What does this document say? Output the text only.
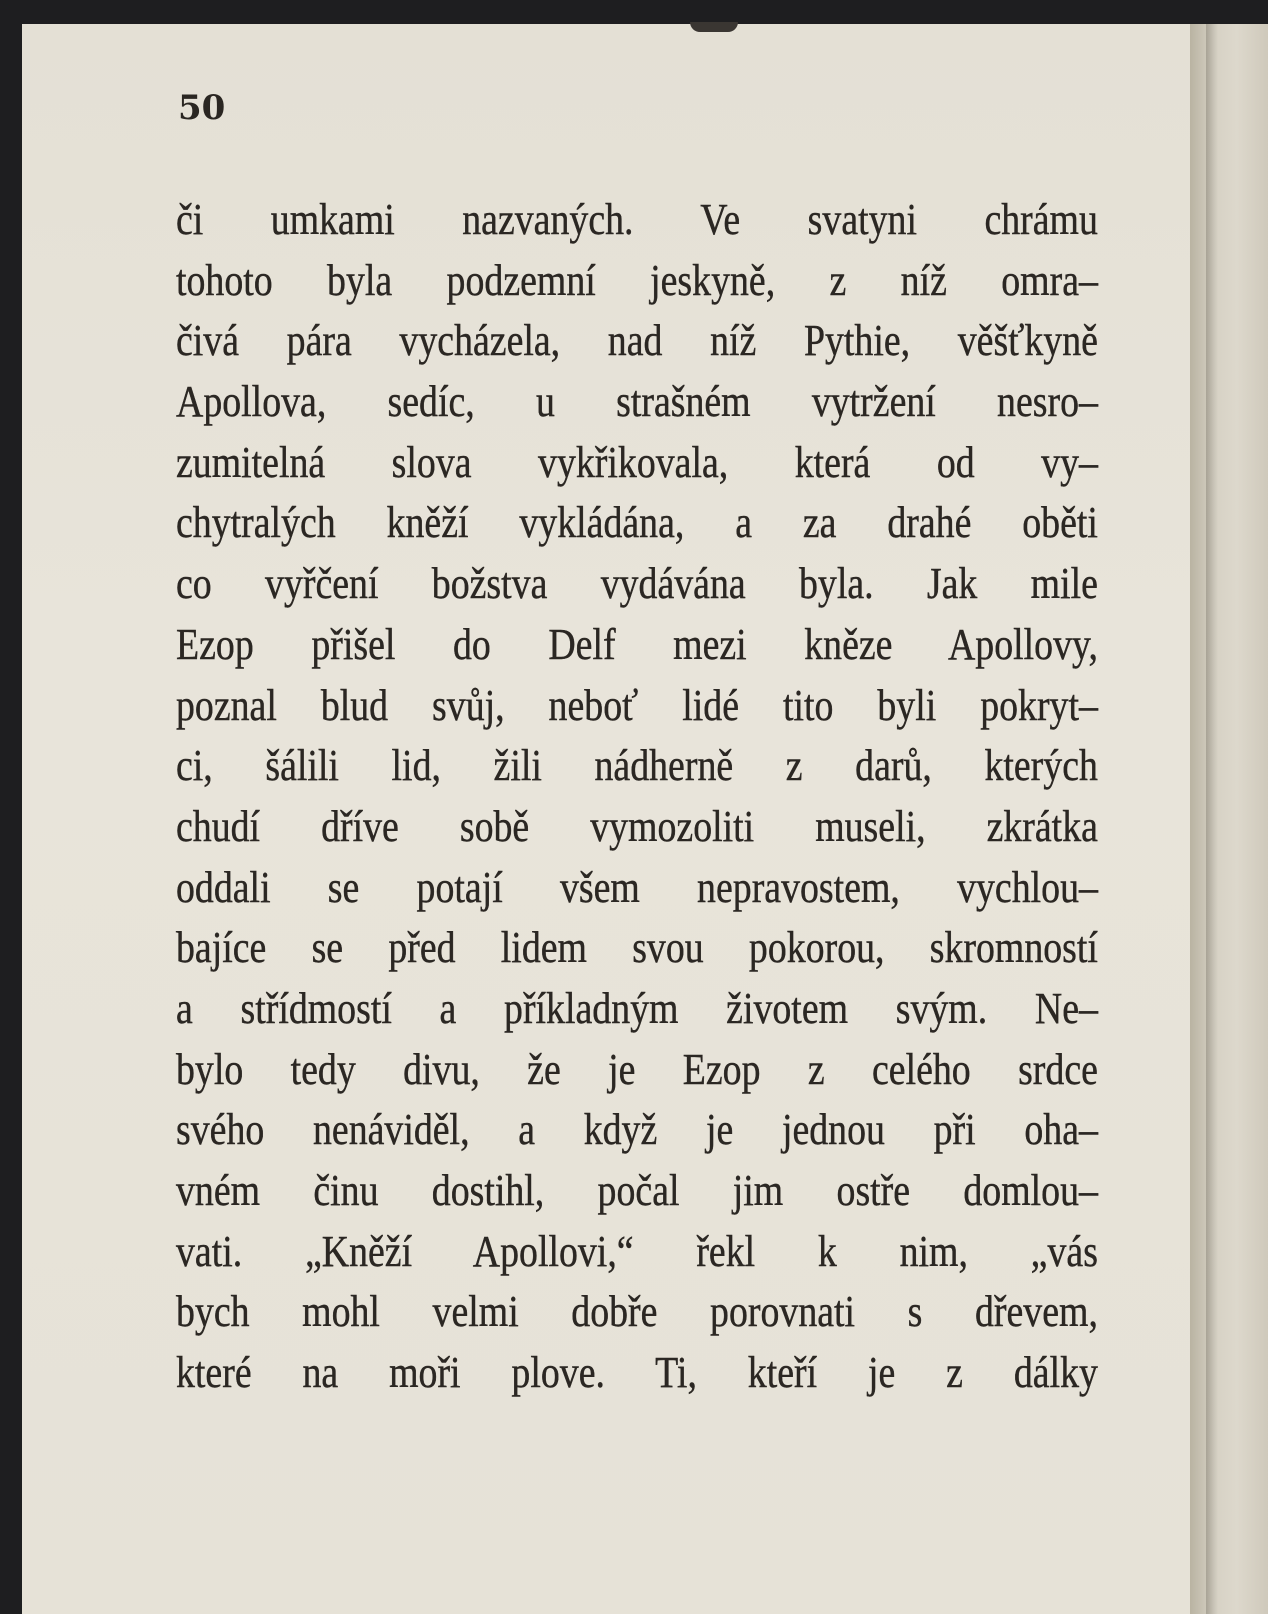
50
či umkami nazvaných. Ve svatyni chrámu
tohoto byla podzemní jeskyně, z níž omra–
čivá pára vycházela, nad níž Pythie, věšťkyně
Apollova, sedíc, u strašném vytržení nesro–
zumitelná slova vykřikovala, která od vy–
chytralých kněží vykládána, a za drahé oběti
co vyřčení božstva vydávána byla. Jak mile
Ezop přišel do Delf mezi kněze Apollovy,
poznal blud svůj, neboť lidé tito byli pokryt–
ci, šálili lid, žili nádherně z darů, kterých
chudí dříve sobě vymozoliti museli, zkrátka
oddali se potají všem nepravostem, vychlou–
bajíce se před lidem svou pokorou, skromností
a střídmostí a příkladným životem svým. Ne–
bylo tedy divu, že je Ezop z celého srdce
svého nenáviděl, a když je jednou při oha–
vném činu dostihl, počal jim ostře domlou–
vati. „Kněží Apollovi,“ řekl k nim, „vás
bych mohl velmi dobře porovnati s dřevem,
které na moři plove. Ti, kteří je z dálky
